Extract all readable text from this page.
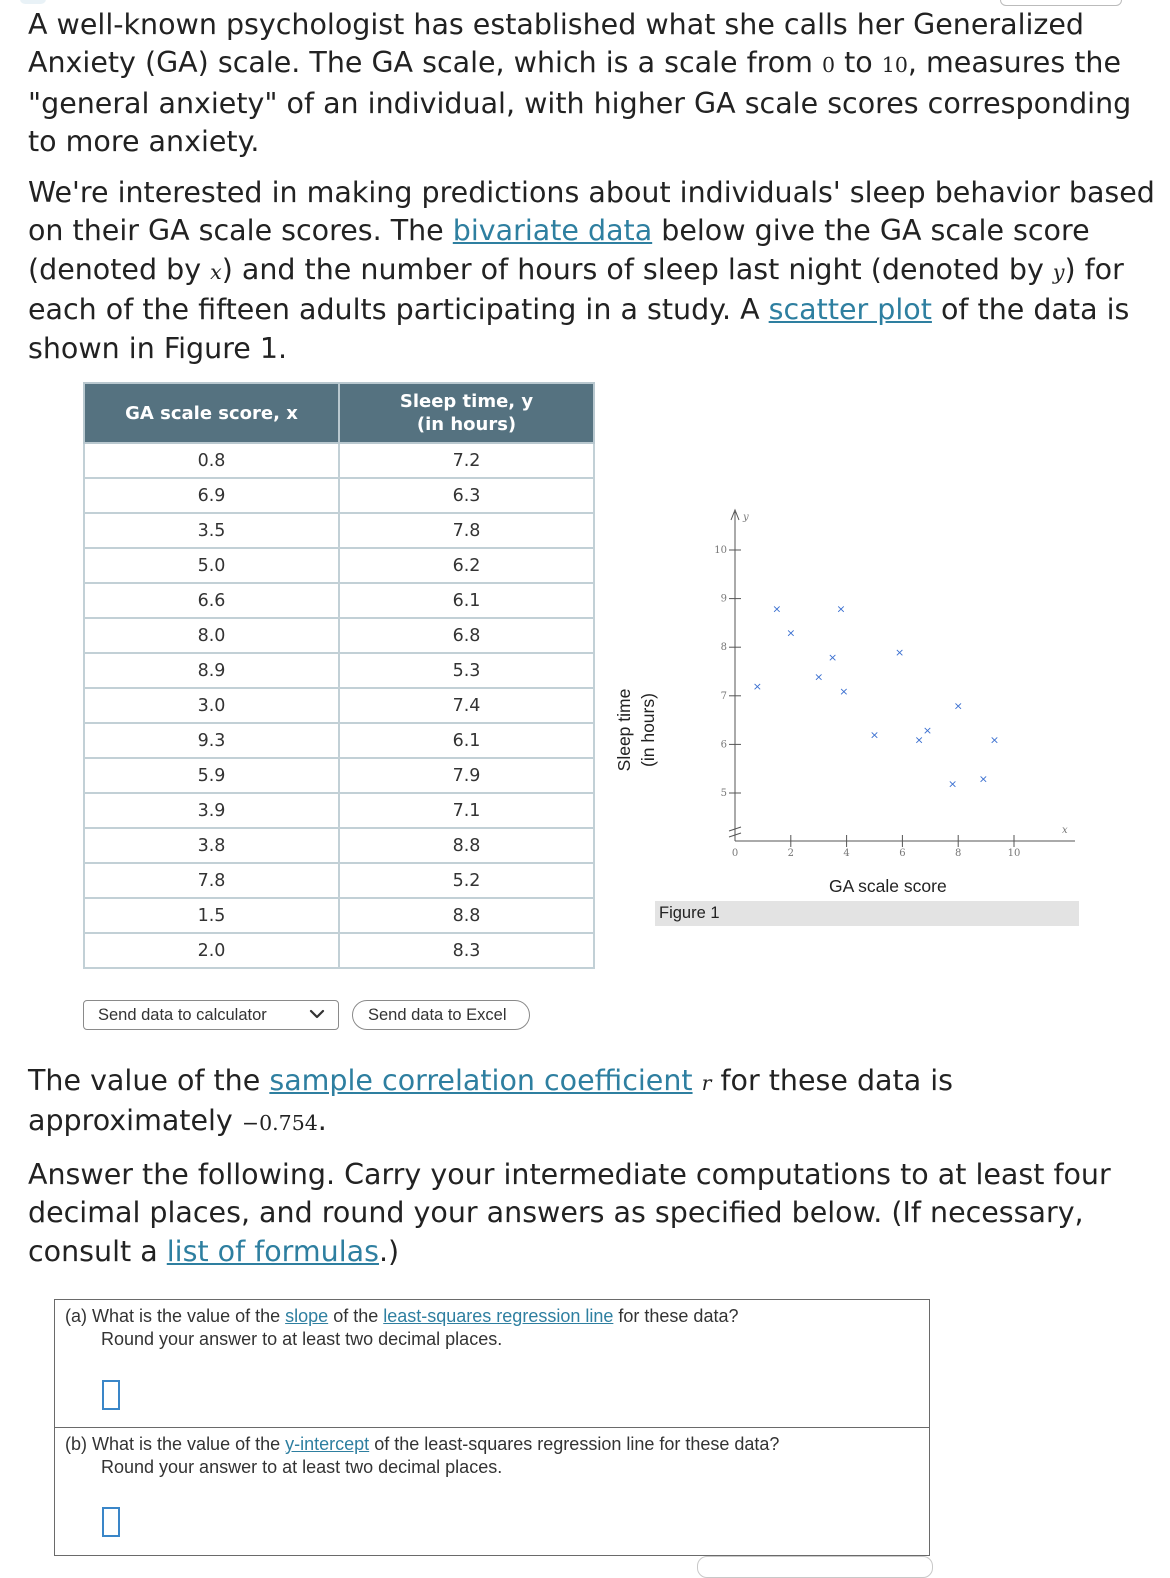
A well-known psychologist has established what she calls her Generalized Anxiety (GA) scale. The GA scale, which is a scale from 0 to 10, measures the "general anxiety" of an individual, with higher GA scale scores corresponding to more anxiety.

We're interested in making predictions about individuals' sleep behavior based on their GA scale scores. The bivariate data below give the GA scale score (denoted by x) and the number of hours of sleep last night (denoted by y) for each of the fifteen adults participating in a study. A scatter plot of the data is shown in Figure 1.

GA scale score, x	Sleep time, y
(in hours)
0.8	7.2
6.9	6.3
3.5	7.8
5.0	6.2
6.6	6.1
8.0	6.8
8.9	5.3
3.0	7.4
9.3	6.1
5.9	7.9
3.9	7.1
3.8	8.8
7.8	5.2
1.5	8.8
2.0	8.3
Send data to calculator	Send data to Excel
5
6
7
8
9
10
0	2	4	6	8	10
y
x
×
×
×
×	×
×
×
×
×
×
×
×
×
×
×
Sleep time (in hours)
GA scale score
Figure 1

The value of the sample correlation coefficient r for these data is approximately −0.754.

Answer the following. Carry your intermediate computations to at least four decimal places, and round your answers as specified below. (If necessary, consult a list of formulas.)

(a) What is the value of the slope of the least-squares regression line for these data?
Round your answer to at least two decimal places.
(b) What is the value of the y-intercept of the least-squares regression line for these data?
Round your answer to at least two decimal places.
